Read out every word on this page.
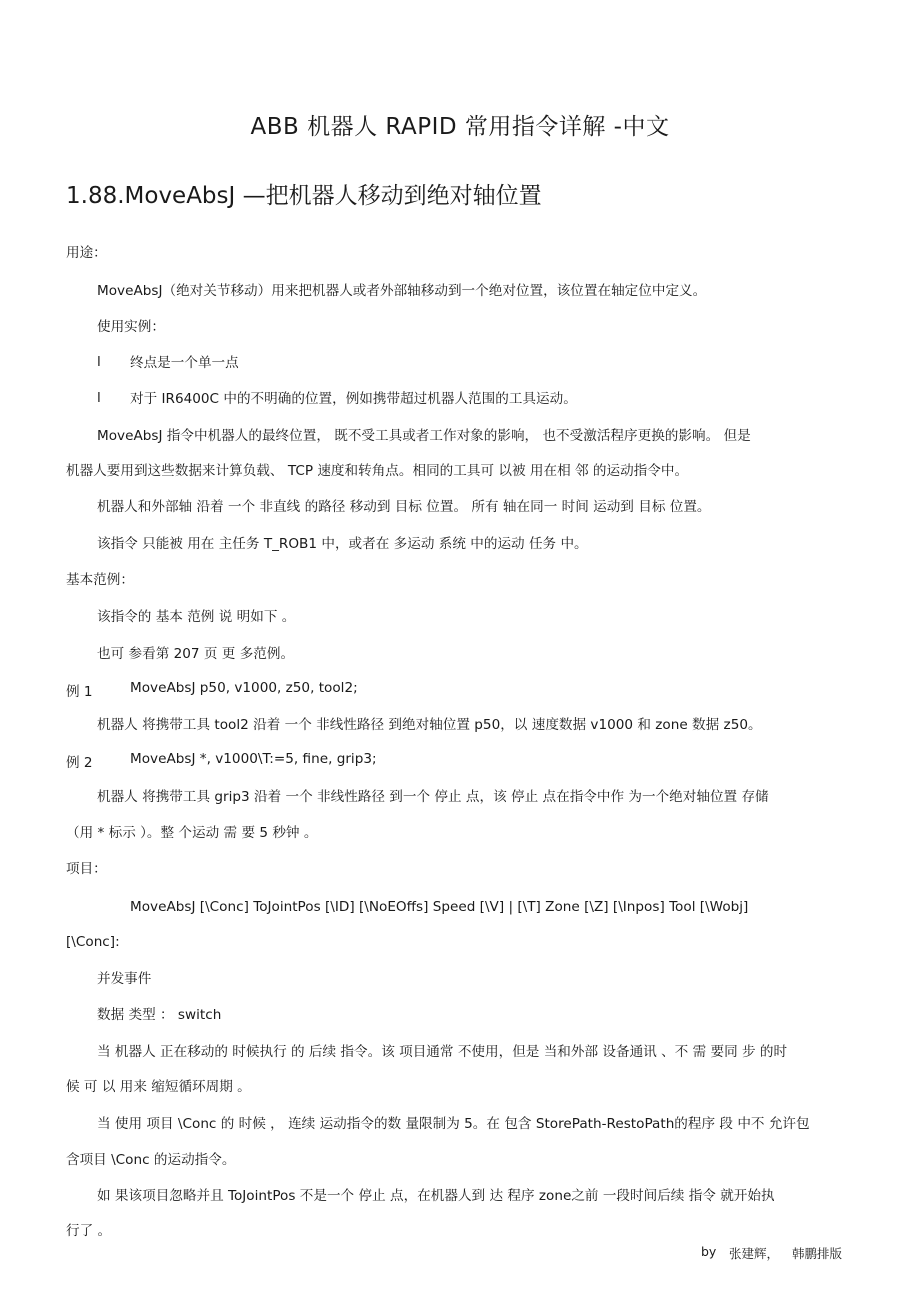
ABB 机器人 RAPID 常用指令详解 -中文
1.88.MoveAbsJ —把机器人移动到绝对轴位置
用途：
MoveAbsJ（绝对关节移动）用来把机器人或者外部轴移动到一个绝对位置，该位置在轴定位中定义。
使用实例：
l 终点是一个单一点
l 对于 IR6400C 中的不明确的位置，例如携带超过机器人范围的工具运动。
MoveAbsJ 指令中机器人的最终位置， 既不受工具或者工作对象的影响， 也不受激活程序更换的影响。 但是
机器人要用到这些数据来计算负载、 TCP 速度和转角点。相同的工具可 以被 用在相 邻 的运动指令中。
机器人和外部轴 沿着 一个 非直线 的路径 移动到 目标 位置。 所有 轴在同一 时间 运动到 目标 位置。
该指令 只能被 用在 主任务 T_ROB1 中，或者在 多运动 系统 中的运动 任务 中。
基本范例：
该指令的 基本 范例 说 明如下 。
也可 参看第 207 页 更 多范例。
例 1	MoveAbsJ p50, v1000, z50, tool2;
机器人 将携带工具 tool2 沿着 一个 非线性路径 到绝对轴位置 p50，以 速度数据 v1000 和 zone 数据 z50。
例 2	MoveAbsJ *, v1000\T:=5, fine, grip3;
机器人 将携带工具 grip3 沿着 一个 非线性路径 到一个 停止 点，该 停止 点在指令中作 为一个绝对轴位置 存储
（用 * 标示 ）。整 个运动 需 要 5 秒钟 。
项目：
MoveAbsJ [\Conc] ToJointPos [\ID] [\NoEOffs] Speed [\V] | [\T] Zone [\Z] [\Inpos] Tool [\Wobj]
[\Conc]:
并发事件
数据 类型 ： switch
当 机器人 正在移动的 时候执行 的 后续 指令。该 项目通常 不使用，但是 当和外部 设备通讯 、不 需 要同 步 的时
候 可 以 用来 缩短循环周期 。
当 使用 项目 \Conc 的 时候 ， 连续 运动指令的数 量限制为 5。在 包含 StorePath-RestoPath的程序 段 中不 允许包
含项目 \Conc 的运动指令。
如 果该项目忽略并且 ToJointPos 不是一个 停止 点，在机器人到 达 程序 zone之前 一段时间后续 指令 就开始执
行了 。
by 张建辉， 韩鹏排版
